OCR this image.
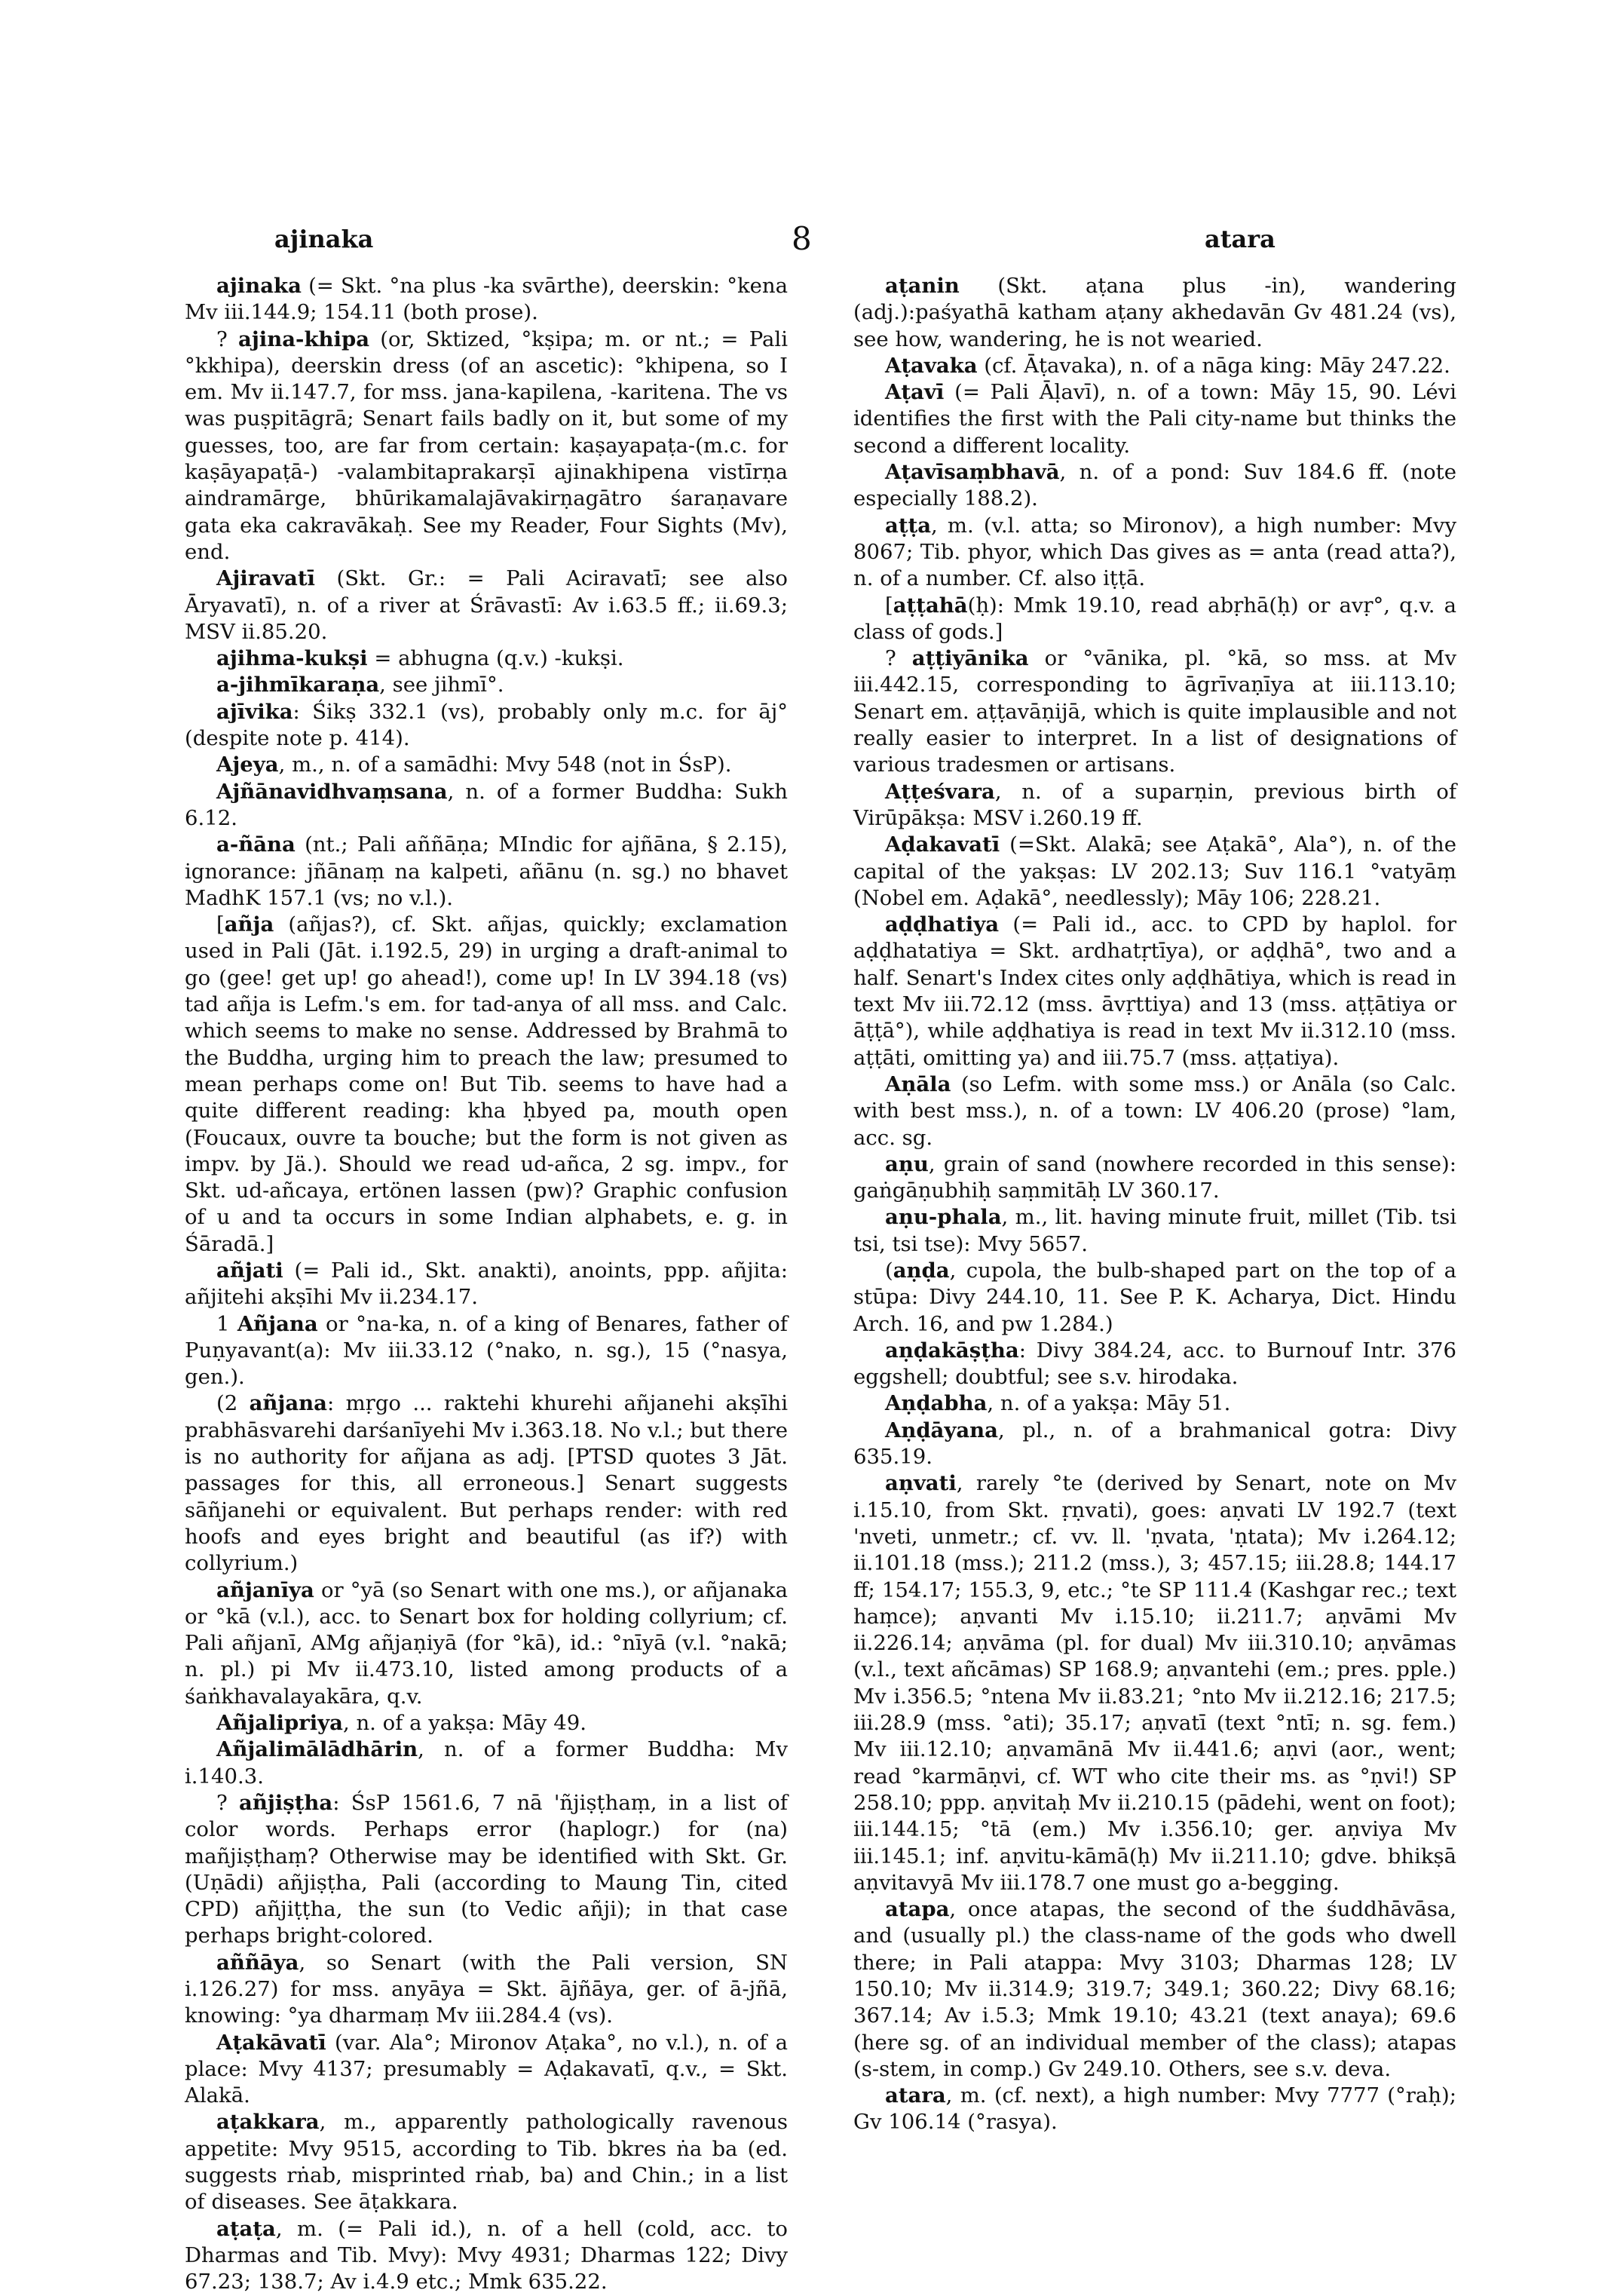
ajinaka	8	atara

ajinaka (= Skt. °na plus -ka svārthe), deerskin: °kena Mv iii.144.9; 154.11 (both prose).

? ajina-khipa (or, Sktized, °kṣipa; m. or nt.; = Pali °kkhipa), deerskin dress (of an ascetic): °khipena, so I em. Mv ii.147.7, for mss. jana-kapilena, -karitena. The vs was puṣpitāgrā; Senart fails badly on it, but some of my guesses, too, are far from certain: kaṣayapaṭa-(m.c. for kaṣāyapaṭā-) -valambitaprakarṣī ajinakhipena vistīrṇa aindramārge, bhūrikamalajāvakirṇagātro śaraṇavare gata eka cakravākaḥ. See my Reader, Four Sights (Mv), end.

Ajiravatī (Skt. Gr.: = Pali Aciravatī; see also Āryavatī), n. of a river at Śrāvastī: Av i.63.5 ff.; ii.69.3; MSV ii.85.20.

ajihma-kukṣi = abhugna (q.v.) -kukṣi.

a-jihmīkaraṇa, see jihmī°.

ajīvika: Śikṣ 332.1 (vs), probably only m.c. for āj° (despite note p. 414).

Ajeya, m., n. of a samādhi: Mvy 548 (not in ŚsP).

Ajñānavidhvaṃsana, n. of a former Buddha: Sukh 6.12.

a-ñāna (nt.; Pali aññāṇa; MIndic for ajñāna, § 2.15), ignorance: jñānaṃ na kalpeti, añānu (n. sg.) no bhavet MadhK 157.1 (vs; no v.l.).

[añja (añjas?), cf. Skt. añjas, quickly; exclamation used in Pali (Jāt. i.192.5, 29) in urging a draft-animal to go (gee! get up! go ahead!), come up! In LV 394.18 (vs) tad añja is Lefm.'s em. for tad-anya of all mss. and Calc. which seems to make no sense. Addressed by Brahmā to the Buddha, urging him to preach the law; presumed to mean perhaps come on! But Tib. seems to have had a quite different reading: kha ḥbyed pa, mouth open (Foucaux, ouvre ta bouche; but the form is not given as impv. by Jä.). Should we read ud-añca, 2 sg. impv., for Skt. ud-añcaya, ertönen lassen (pw)? Graphic confusion of u and ta occurs in some Indian alphabets, e. g. in Śāradā.]

añjati (= Pali id., Skt. anakti), anoints, ppp. añjita: añjitehi akṣīhi Mv ii.234.17.

1 Añjana or °na-ka, n. of a king of Benares, father of Puṇyavant(a): Mv iii.33.12 (°nako, n. sg.), 15 (°nasya, gen.).

(2 añjana: mṛgo ... raktehi khurehi añjanehi akṣīhi prabhāsvarehi darśanīyehi Mv i.363.18. No v.l.; but there is no authority for añjana as adj. [PTSD quotes 3 Jāt. passages for this, all erroneous.] Senart suggests sāñjanehi or equivalent. But perhaps render: with red hoofs and eyes bright and beautiful (as if?) with collyrium.)

añjanīya or °yā (so Senart with one ms.), or añjanaka or °kā (v.l.), acc. to Senart box for holding collyrium; cf. Pali añjanī, AMg añjaṇiyā (for °kā), id.: °nīyā (v.l. °nakā; n. pl.) pi Mv ii.473.10, listed among products of a śaṅkhavalayakāra, q.v.

Añjalipriya, n. of a yakṣa: Māy 49.

Añjalimālādhārin, n. of a former Buddha: Mv i.140.3.

? añjiṣṭha: ŚsP 1561.6, 7 nā 'ñjiṣṭhaṃ, in a list of color words. Perhaps error (haplogr.) for (na) mañjiṣṭhaṃ? Otherwise may be identified with Skt. Gr. (Uṇādi) añjiṣṭha, Pali (according to Maung Tin, cited CPD) añjiṭṭha, the sun (to Vedic añji); in that case perhaps bright-colored.

aññāya, so Senart (with the Pali version, SN i.126.27) for mss. anyāya = Skt. ājñāya, ger. of ā-jñā, knowing: °ya dharmaṃ Mv iii.284.4 (vs).

Aṭakāvatī (var. Ala°; Mironov Aṭaka°, no v.l.), n. of a place: Mvy 4137; presumably = Aḍakavatī, q.v., = Skt. Alakā.

aṭakkara, m., apparently pathologically ravenous appetite: Mvy 9515, according to Tib. bkres ṅa ba (ed. suggests rṅab, misprinted rṅab, ba) and Chin.; in a list of diseases. See āṭakkara.

aṭaṭa, m. (= Pali id.), n. of a hell (cold, acc. to Dharmas and Tib. Mvy): Mvy 4931; Dharmas 122; Divy 67.23; 138.7; Av i.4.9 etc.; Mmk 635.22.

aṭanin (Skt. aṭana plus -in), wandering (adj.):paśyathā katham aṭany akhedavān Gv 481.24 (vs), see how, wandering, he is not wearied.

Aṭavaka (cf. Āṭavaka), n. of a nāga king: Māy 247.22.

Aṭavī (= Pali Āḷavī), n. of a town: Māy 15, 90. Lévi identifies the first with the Pali city-name but thinks the second a different locality.

Aṭavīsaṃbhavā, n. of a pond: Suv 184.6 ff. (note especially 188.2).

aṭṭa, m. (v.l. atta; so Mironov), a high number: Mvy 8067; Tib. phyor, which Das gives as = anta (read atta?), n. of a number. Cf. also iṭṭā.

[aṭṭahā(ḥ): Mmk 19.10, read abṛhā(ḥ) or avṛ°, q.v. a class of gods.]

? aṭṭiyānika or °vānika, pl. °kā, so mss. at Mv iii.442.15, corresponding to āgrīvaṇīya at iii.113.10; Senart em. aṭṭavāṇijā, which is quite implausible and not really easier to interpret. In a list of designations of various tradesmen or artisans.

Aṭṭeśvara, n. of a suparṇin, previous birth of Virūpākṣa: MSV i.260.19 ff.

Aḍakavatī (=Skt. Alakā; see Aṭakā°, Ala°), n. of the capital of the yakṣas: LV 202.13; Suv 116.1 °vatyāṃ (Nobel em. Aḍakā°, needlessly); Māy 106; 228.21.

aḍḍhatiya (= Pali id., acc. to CPD by haplol. for aḍḍhatatiya = Skt. ardhatṛtīya), or aḍḍhā°, two and a half. Senart's Index cites only aḍḍhātiya, which is read in text Mv iii.72.12 (mss. āvṛttiya) and 13 (mss. aṭṭātiya or āṭṭā°), while aḍḍhatiya is read in text Mv ii.312.10 (mss. aṭṭāti, omitting ya) and iii.75.7 (mss. aṭṭatiya).

Aṇāla (so Lefm. with some mss.) or Anāla (so Calc. with best mss.), n. of a town: LV 406.20 (prose) °lam, acc. sg.

aṇu, grain of sand (nowhere recorded in this sense): gaṅgāṇubhiḥ saṃmitāḥ LV 360.17.

aṇu-phala, m., lit. having minute fruit, millet (Tib. tsi tsi, tsi tse): Mvy 5657.

(aṇḍa, cupola, the bulb-shaped part on the top of a stūpa: Divy 244.10, 11. See P. K. Acharya, Dict. Hindu Arch. 16, and pw 1.284.)

aṇḍakāṣṭha: Divy 384.24, acc. to Burnouf Intr. 376 eggshell; doubtful; see s.v. hirodaka.

Aṇḍabha, n. of a yakṣa: Māy 51.

Aṇḍāyana, pl., n. of a brahmanical gotra: Divy 635.19.

aṇvati, rarely °te (derived by Senart, note on Mv i.15.10, from Skt. ṛṇvati), goes: aṇvati LV 192.7 (text 'nveti, unmetr.; cf. vv. ll. 'ṇvata, 'ṇtata); Mv i.264.12; ii.101.18 (mss.); 211.2 (mss.), 3; 457.15; iii.28.8; 144.17 ff; 154.17; 155.3, 9, etc.; °te SP 111.4 (Kashgar rec.; text haṃce); aṇvanti Mv i.15.10; ii.211.7; aṇvāmi Mv ii.226.14; aṇvāma (pl. for dual) Mv iii.310.10; aṇvāmas (v.l., text añcāmas) SP 168.9; aṇvantehi (em.; pres. pple.) Mv i.356.5; °ntena Mv ii.83.21; °nto Mv ii.212.16; 217.5; iii.28.9 (mss. °ati); 35.17; aṇvatī (text °ntī; n. sg. fem.) Mv iii.12.10; aṇvamānā Mv ii.441.6; aṇvi (aor., went; read °karmāṇvi, cf. WT who cite their ms. as °ṇvi!) SP 258.10; ppp. aṇvitaḥ Mv ii.210.15 (pādehi, went on foot); iii.144.15; °tā (em.) Mv i.356.10; ger. aṇviya Mv iii.145.1; inf. aṇvitu-kāmā(ḥ) Mv ii.211.10; gdve. bhikṣā aṇvitavyā Mv iii.178.7 one must go a-begging.

atapa, once atapas, the second of the śuddhāvāsa, and (usually pl.) the class-name of the gods who dwell there; in Pali atappa: Mvy 3103; Dharmas 128; LV 150.10; Mv ii.314.9; 319.7; 349.1; 360.22; Divy 68.16; 367.14; Av i.5.3; Mmk 19.10; 43.21 (text anaya); 69.6 (here sg. of an individual member of the class); atapas (s-stem, in comp.) Gv 249.10. Others, see s.v. deva.

atara, m. (cf. next), a high number: Mvy 7777 (°raḥ); Gv 106.14 (°rasya).
